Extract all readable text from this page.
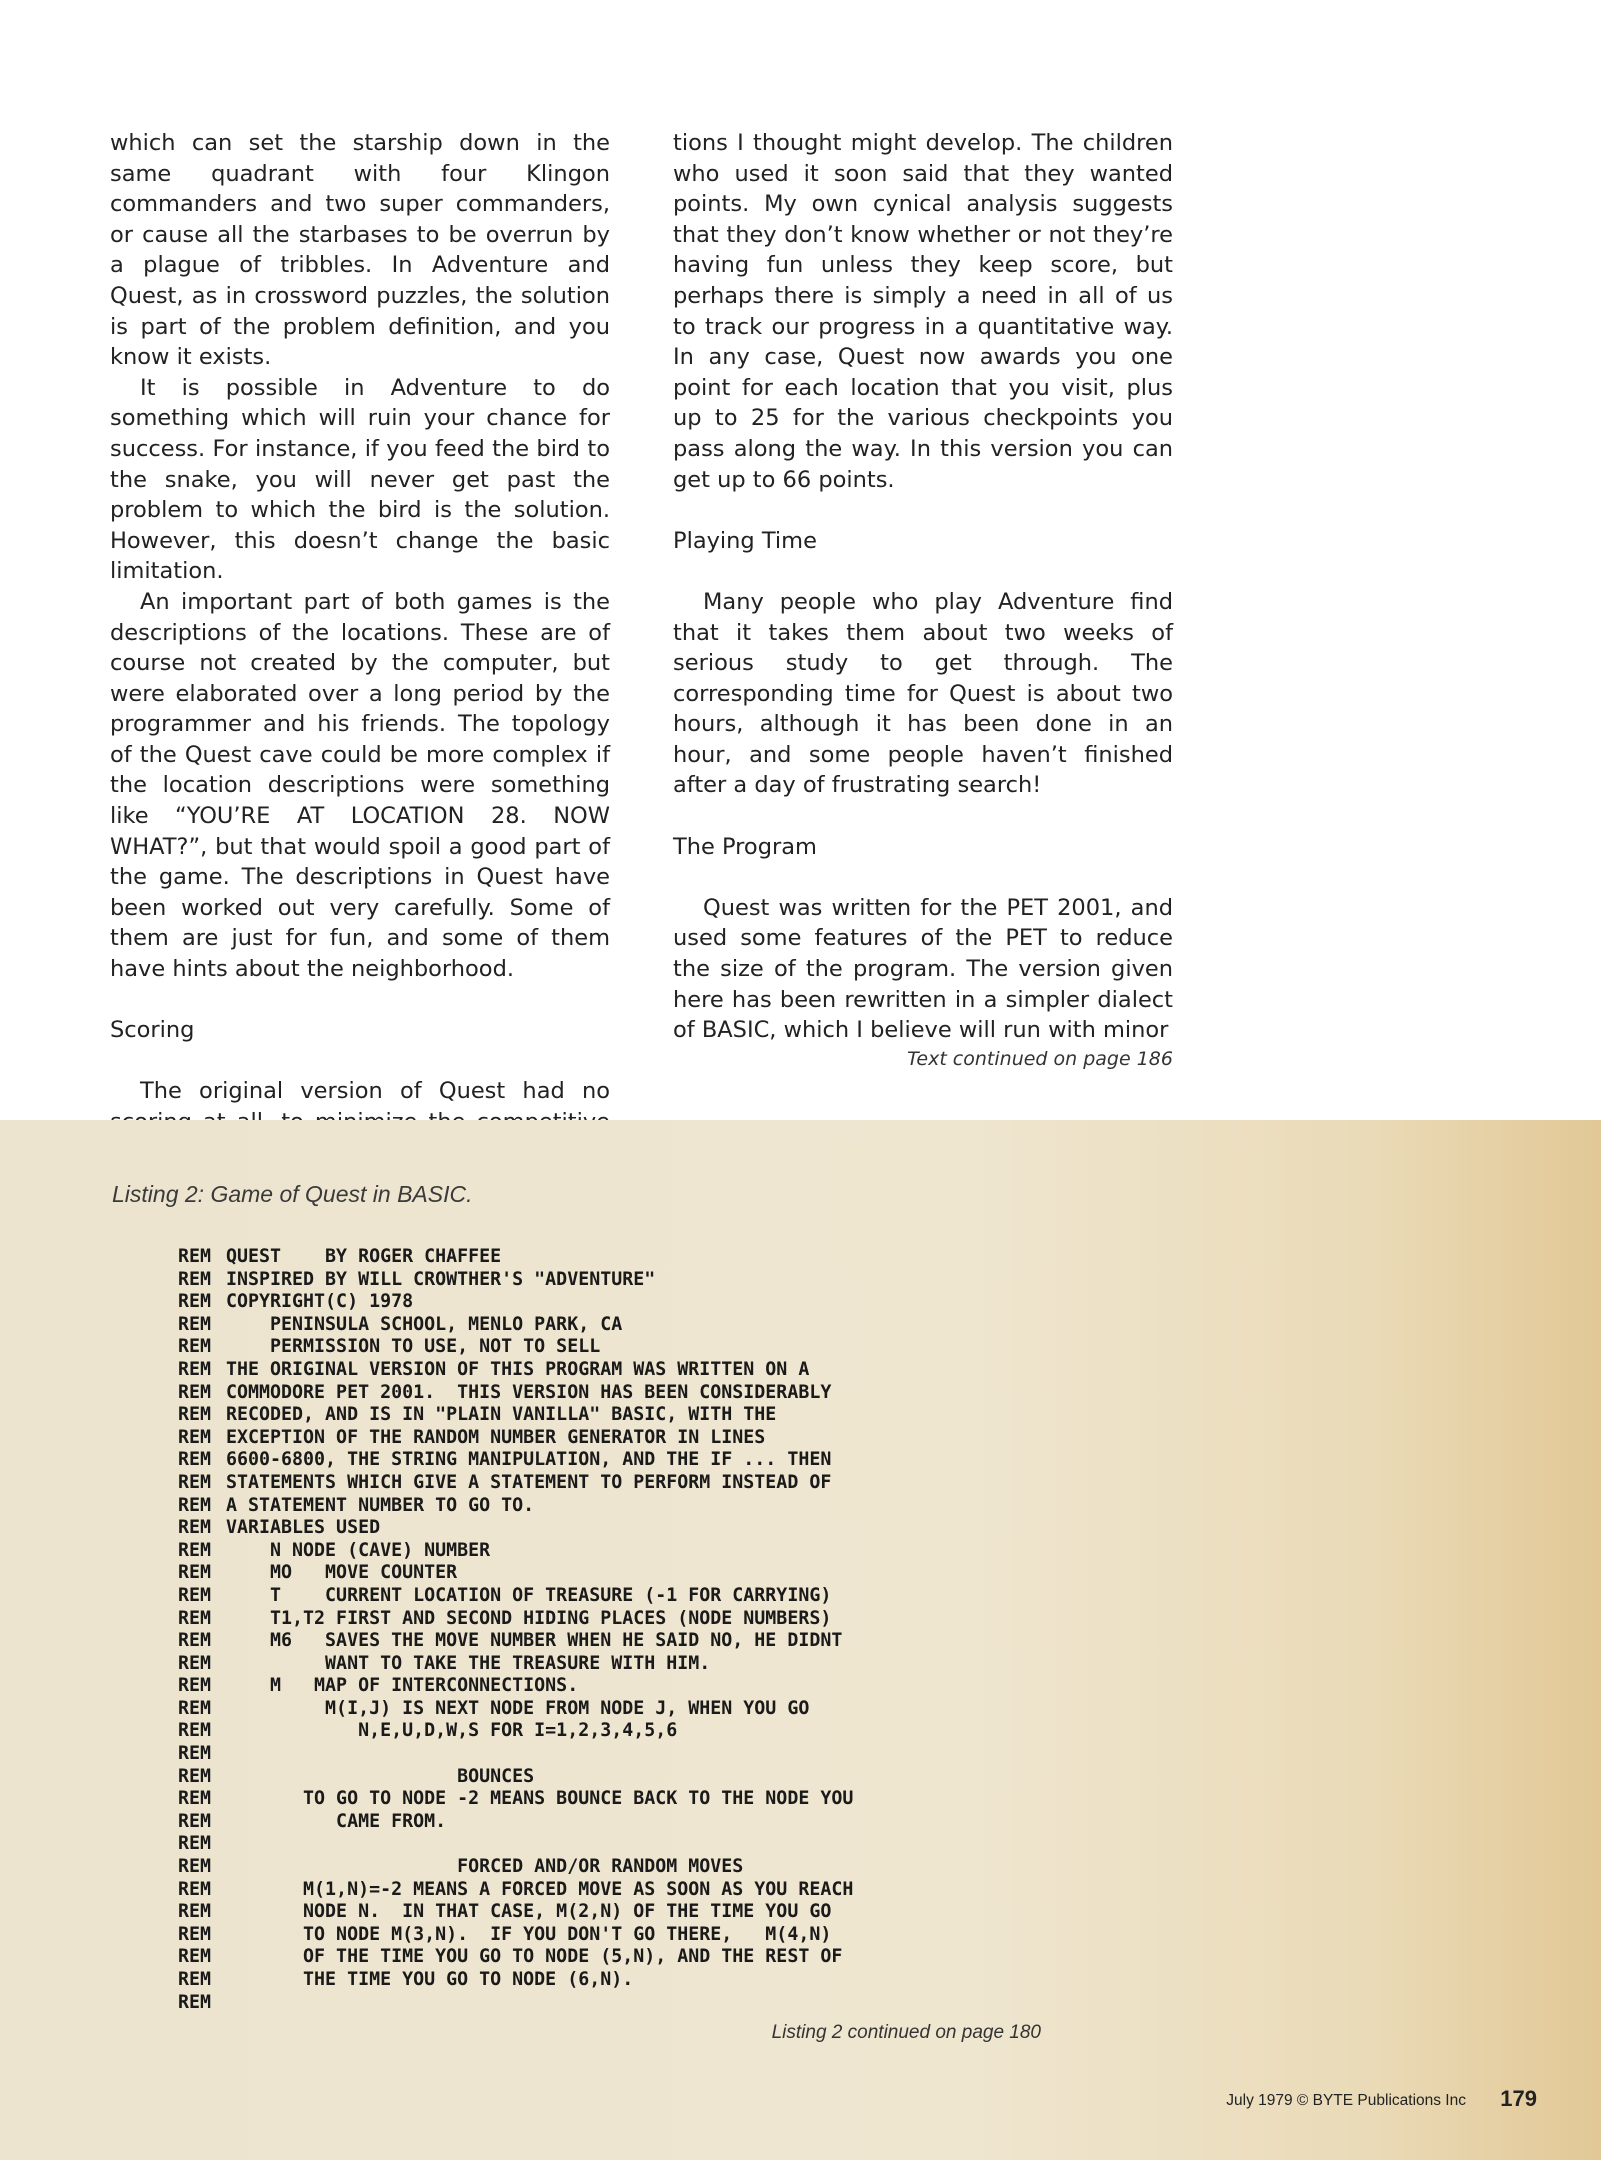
which can set the starship down in the same quadrant with four Klingon commanders and two super commanders, or cause all the starbases to be overrun by a plague of tribbles. In Adventure and Quest, as in crossword puzzles, the solution is part of the problem definition, and you know it exists.

It is possible in Adventure to do something which will ruin your chance for success. For instance, if you feed the bird to the snake, you will never get past the problem to which the bird is the solution. However, this doesn’t change the basic limitation.

An important part of both games is the descriptions of the locations. These are of course not created by the computer, but were elaborated over a long period by the programmer and his friends. The topology of the Quest cave could be more complex if the location descriptions were something like “YOU’RE AT LOCATION 28. NOW WHAT?”, but that would spoil a good part of the game. The descriptions in Quest have been worked out very carefully. Some of them are just for fun, and some of them have hints about the neighborhood.

Scoring

The original version of Quest had no

tions I thought might develop. The children who used it soon said that they wanted points. My own cynical analysis suggests that they don’t know whether or not they’re having fun unless they keep score, but perhaps there is simply a need in all of us to track our progress in a quantitative way. In any case, Quest now awards you one point for each location that you visit, plus up to 25 for the various checkpoints you pass along the way. In this version you can get up to 66 points.

Playing Time

Many people who play Adventure find that it takes them about two weeks of serious study to get through. The corresponding time for Quest is about two hours, although it has been done in an hour, and some people haven’t finished after a day of frustrating search!

The Program

Quest was written for the PET 2001, and used some features of the PET to reduce the size of the program. The version given here has been rewritten in a simpler dialect of BASIC, which I believe will run with minor

Text continued on page 186
Listing 2: Game of Quest in BASIC.
REM QUEST    BY ROGER CHAFFEE
REM INSPIRED BY WILL CROWTHER'S "ADVENTURE"
REM COPYRIGHT(C) 1978
REM PENINSULA SCHOOL, MENLO PARK, CA
REM PERMISSION TO USE, NOT TO SELL
REM THE ORIGINAL VERSION OF THIS PROGRAM WAS WRITTEN ON A
REM COMMODORE PET 2001.  THIS VERSION HAS BEEN CONSIDERABLY
REM RECODED, AND IS IN "PLAIN VANILLA" BASIC, WITH THE
REM EXCEPTION OF THE RANDOM NUMBER GENERATOR IN LINES
REM 6600-6800, THE STRING MANIPULATION, AND THE IF ... THEN
REM STATEMENTS WHICH GIVE A STATEMENT TO PERFORM INSTEAD OF
REM A STATEMENT NUMBER TO GO TO.
REM VARIABLES USED
REM N NODE (CAVE) NUMBER
REM MO   MOVE COUNTER
REM T    CURRENT LOCATION OF TREASURE (-1 FOR CARRYING)
REM T1,T2 FIRST AND SECOND HIDING PLACES (NODE NUMBERS)
REM M6   SAVES THE MOVE NUMBER WHEN HE SAID NO, HE DIDNT
REM WANT TO TAKE THE TREASURE WITH HIM.
REM M   MAP OF INTERCONNECTIONS.
REM M(I,J) IS NEXT NODE FROM NODE J, WHEN YOU GO
REM N,E,U,D,W,S FOR I=1,2,3,4,5,6
REM
REM BOUNCES
REM TO GO TO NODE -2 MEANS BOUNCE BACK TO THE NODE YOU
REM CAME FROM.
REM
REM FORCED AND/OR RANDOM MOVES
REM M(1,N)=-2 MEANS A FORCED MOVE AS SOON AS YOU REACH
REM NODE N.  IN THAT CASE, M(2,N) OF THE TIME YOU GO
REM TO NODE M(3,N).  IF YOU DON'T GO THERE,   M(4,N)
REM OF THE TIME YOU GO TO NODE (5,N), AND THE REST OF
REM THE TIME YOU GO TO NODE (6,N).
REM
Listing 2 continued on page 180
July 1979 © BYTE Publications Inc 179
